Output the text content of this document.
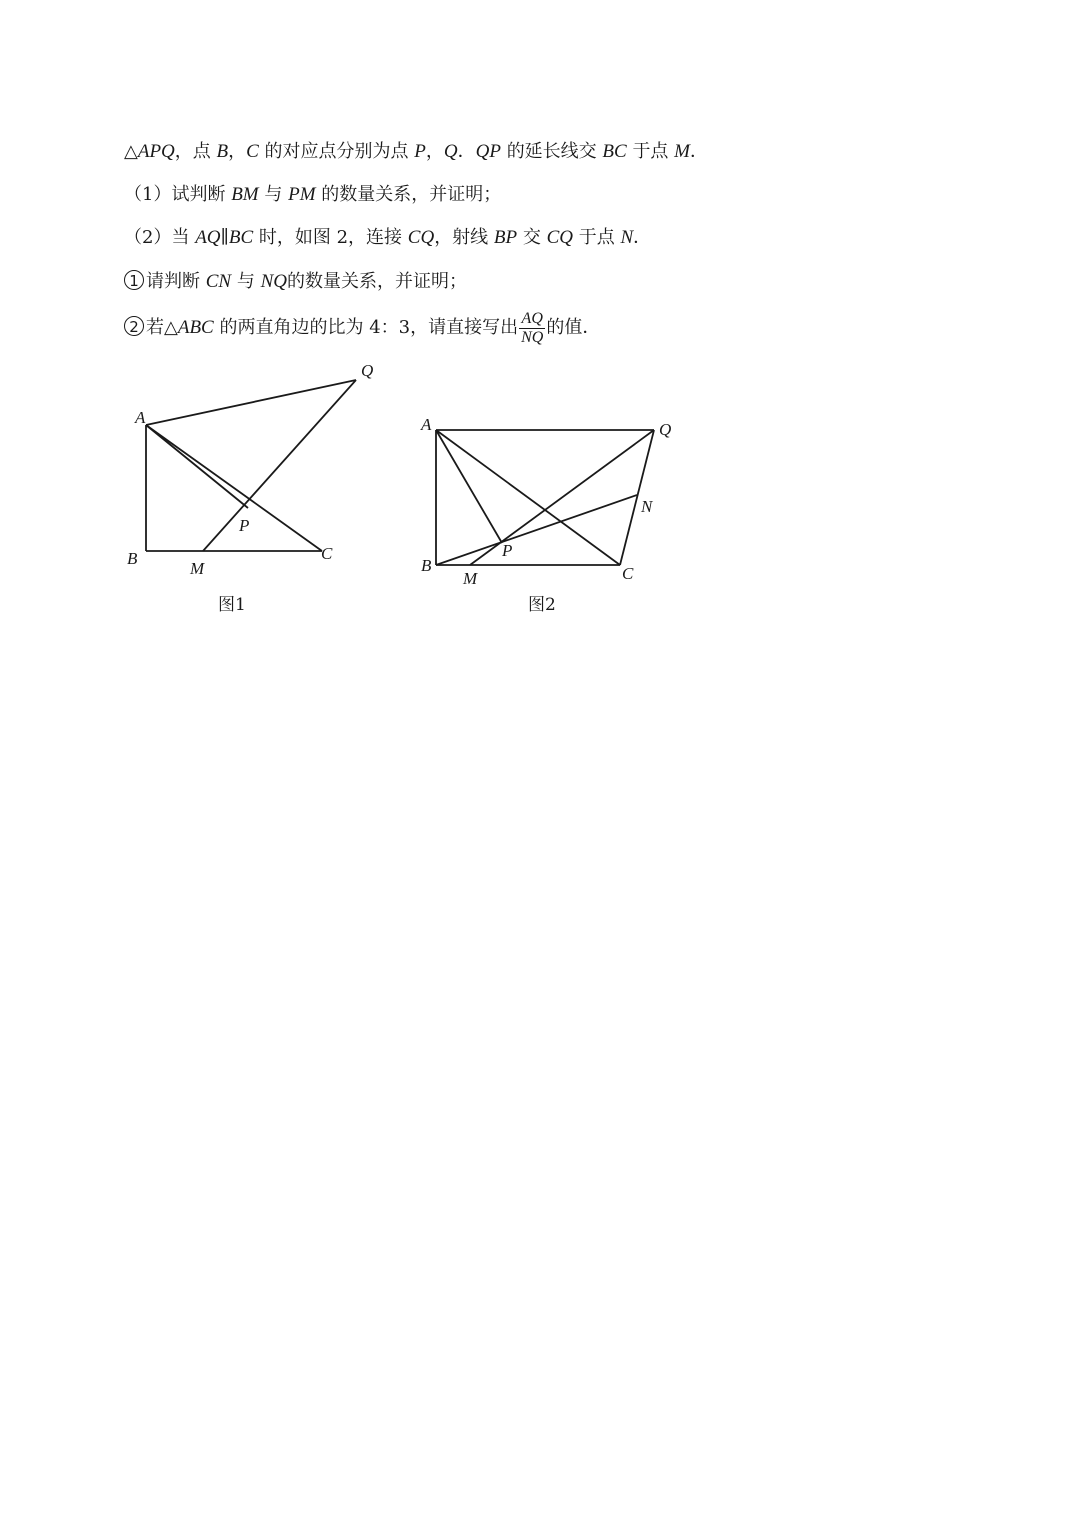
△APQ，点 B，C 的对应点分别为点 P，Q．QP 的延长线交 BC 于点 M．
（1）试判断 BM 与 PM 的数量关系，并证明；
（2）当 AQ∥BC 时，如图 2，连接 CQ，射线 BP 交 CQ 于点 N．
1 请判断 CN 与 NQ的数量关系，并证明；
2 若△ABC 的两直角边的比为 4：3，请直接写出 $\frac{AQ}{NQ}$ 的值．
A
B	C
M
P
Q
图1
A
B	C
M
P
Q
N
图2
